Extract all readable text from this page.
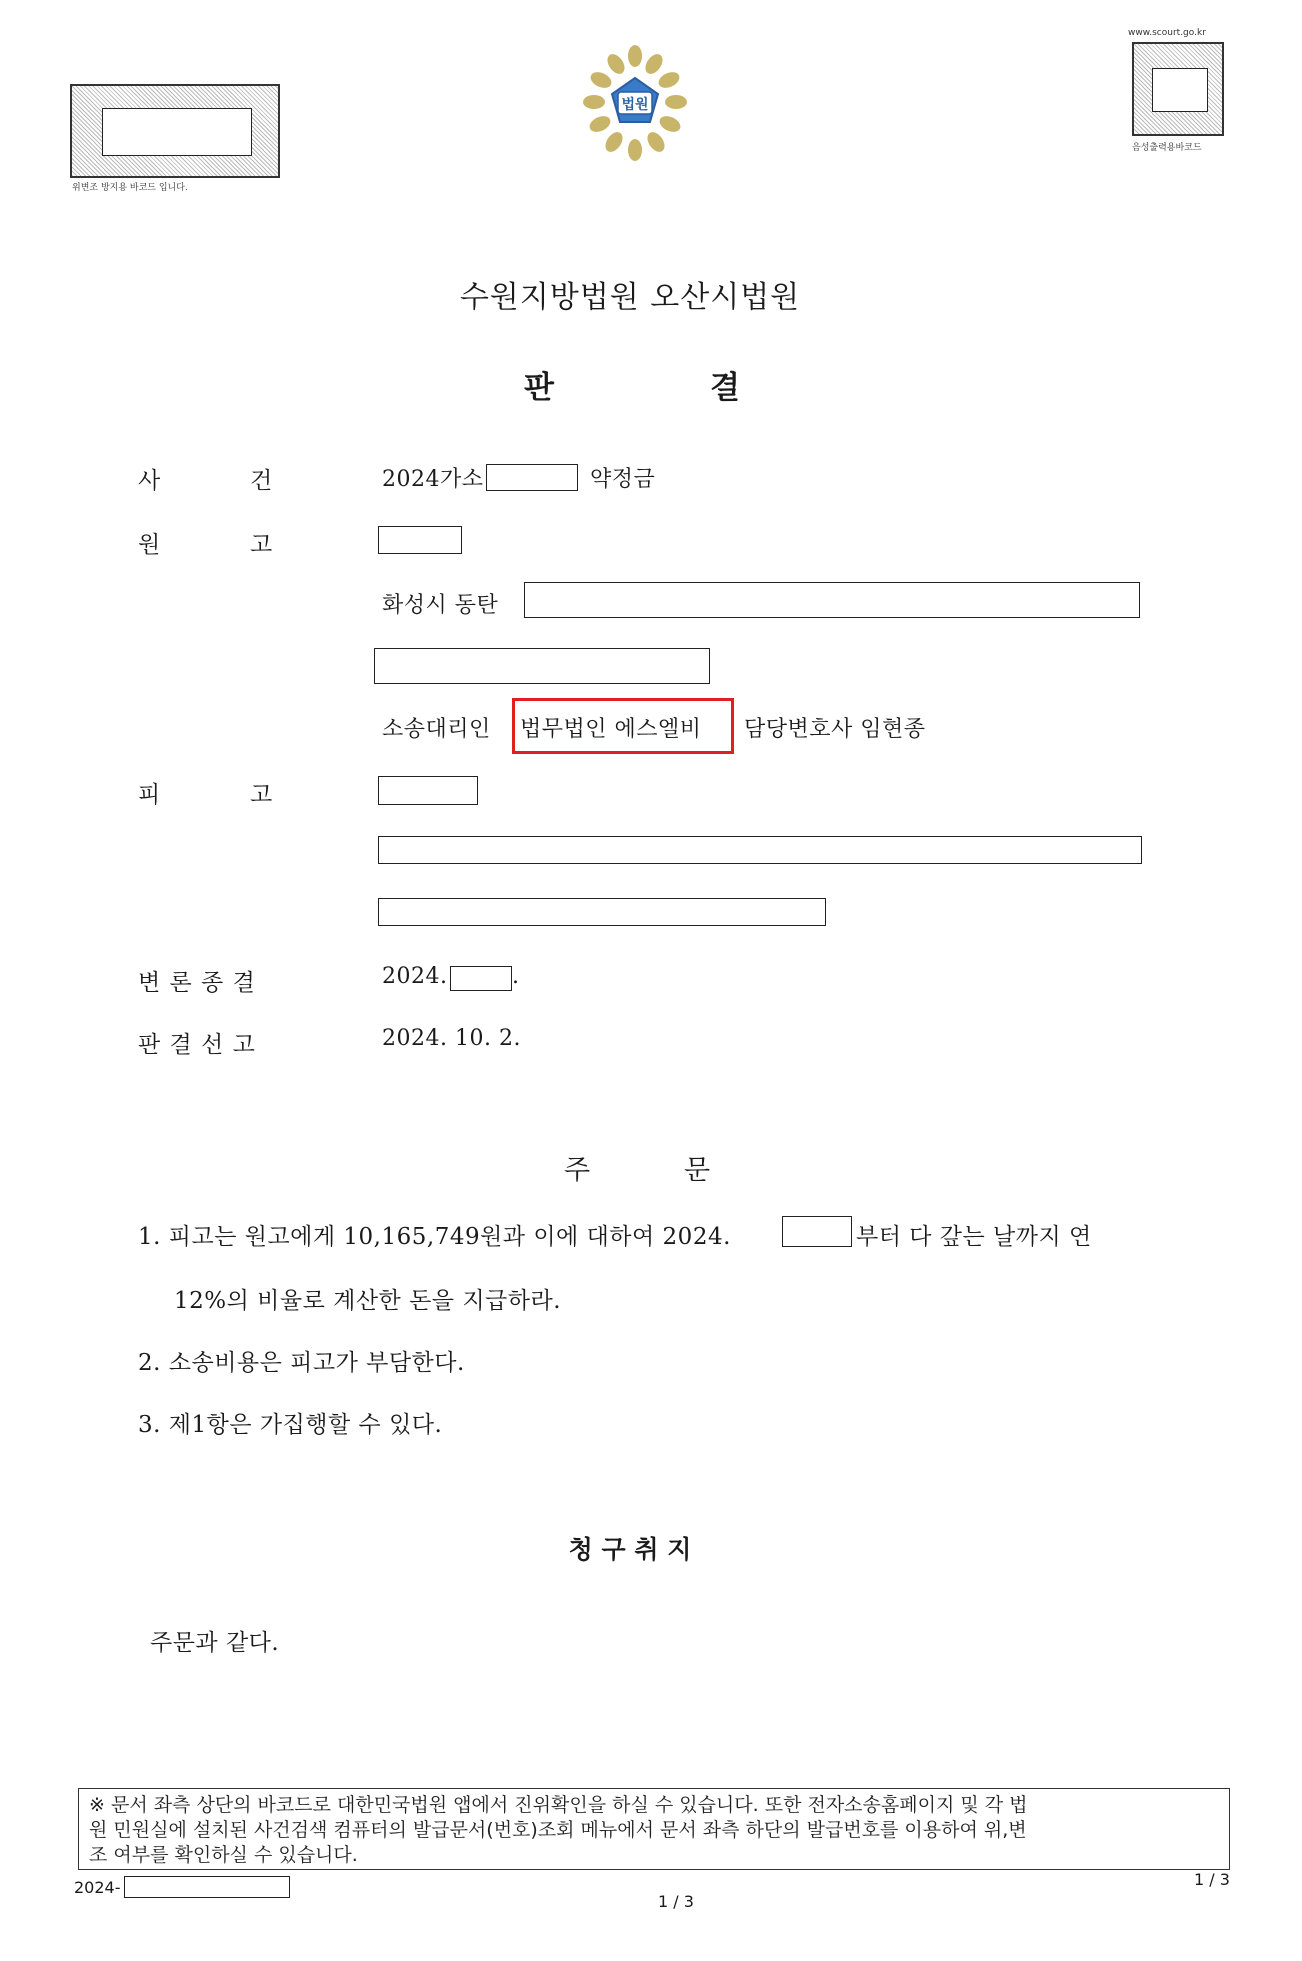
위변조 방지용 바코드 입니다.
법원
www.scourt.go.kr
음성출력용바코드
수원지방법원 오산시법원
판	결
사	건	2024가소	약정금
원	고
화성시 동탄
소송대리인 법무법인 에스엘비 담당변호사 임현종
피	고
변 론 종 결	2024.	.
판 결 선 고	2024. 10. 2.
주	문
1. 피고는 원고에게 10,165,749원과 이에 대하여 2024.	부터 다 갚는 날까지 연
12%의 비율로 계산한 돈을 지급하라.
2. 소송비용은 피고가 부담한다.
3. 제1항은 가집행할 수 있다.
청 구 취 지
주문과 같다.
※ 문서 좌측 상단의 바코드로 대한민국법원 앱에서 진위확인을 하실 수 있습니다. 또한 전자소송홈페이지 및 각 법
원 민원실에 설치된 사건검색 컴퓨터의 발급문서(번호)조회 메뉴에서 문서 좌측 하단의 발급번호를 이용하여 위,변
조 여부를 확인하실 수 있습니다.
2024-
1 / 3
1 / 3
